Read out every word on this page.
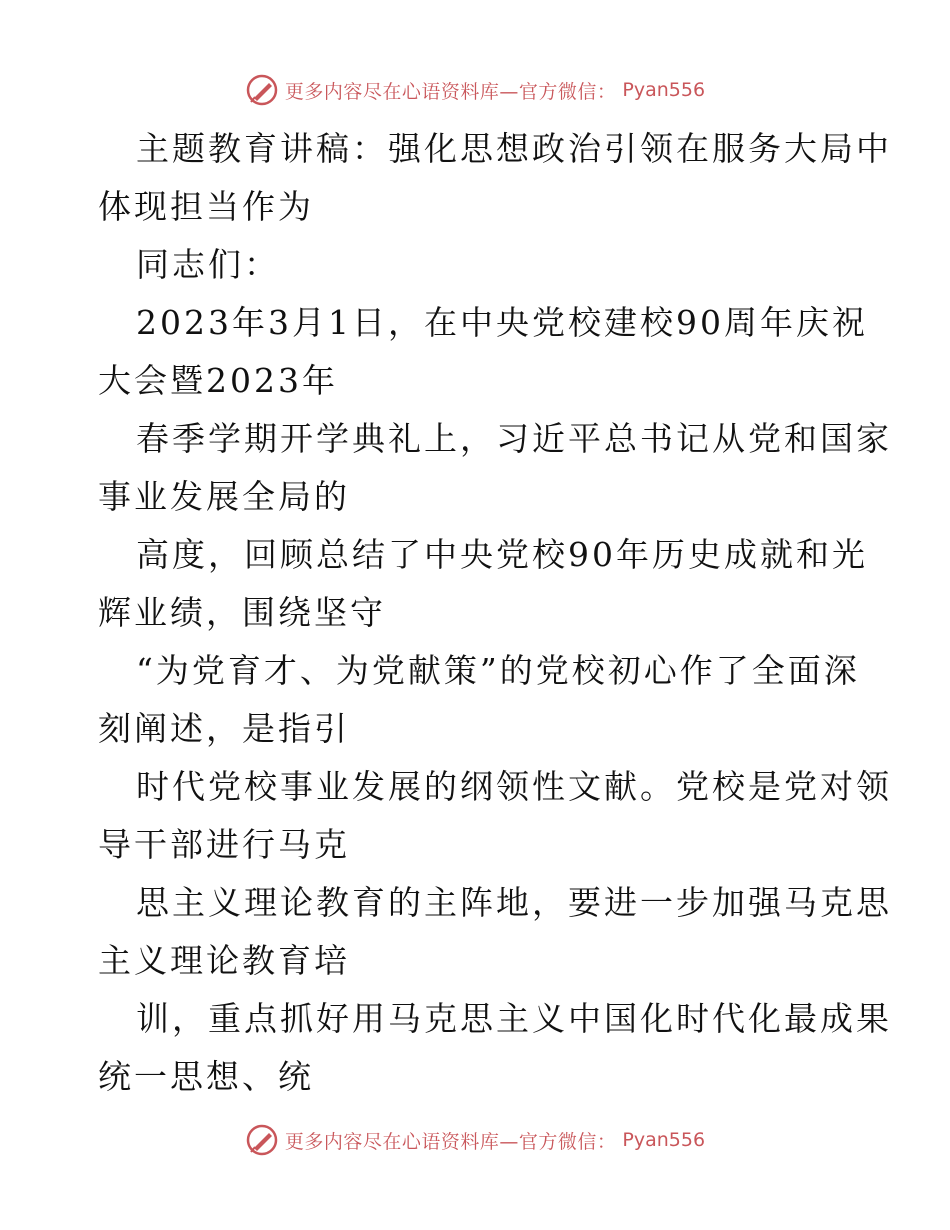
更多内容尽在心语资料库—官方微信： Pyan556
主题教育讲稿：强化思想政治引领在服务大局中
体现担当作为
同志们：
2023年3月1日，在中央党校建校90周年庆祝
大会暨2023年
春季学期开学典礼上，习近平总书记从党和国家
事业发展全局的
高度，回顾总结了中央党校90年历史成就和光
辉业绩，围绕坚守
“为党育才、为党献策”的党校初心作了全面深
刻阐述，是指引
时代党校事业发展的纲领性文献。党校是党对领
导干部进行马克
思主义理论教育的主阵地，要进一步加强马克思
主义理论教育培
训，重点抓好用马克思主义中国化时代化最成果
统一思想、统
更多内容尽在心语资料库—官方微信： Pyan556
